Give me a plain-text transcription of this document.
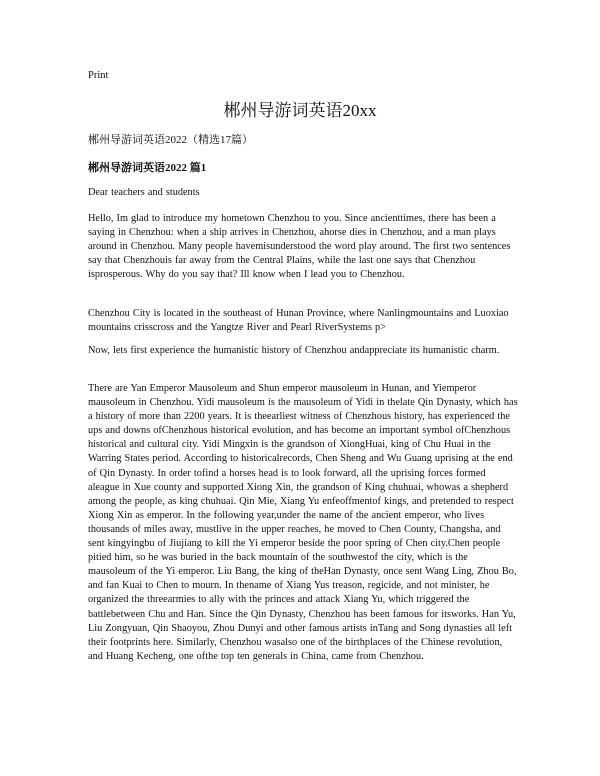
Print
郴州导游词英语20xx
郴州导游词英语2022（精选17篇）
郴州导游词英语2022 篇1

Dear teachers and students

Hello, Im glad to introduce my hometown Chenzhou to you. Since ancienttimes, there has been a saying in Chenzhou: when a ship arrives in Chenzhou, ahorse dies in Chenzhou, and a man plays around in Chenzhou. Many people havemisunderstood the word play around. The first two sentences say that Chenzhouis far away from the Central Plains, while the last one says that Chenzhou isprosperous. Why do you say that? Ill know when I lead you to Chenzhou.

Chenzhou City is located in the southeast of Hunan Province, where Nanlingmountains and Luoxiao mountains crisscross and the Yangtze River and Pearl RiverSystems p>

Now, lets first experience the humanistic history of Chenzhou andappreciate its humanistic charm.

There are Yan Emperor Mausoleum and Shun emperor mausoleum in Hunan, and Yiemperor mausoleum in Chenzhou. Yidi mausoleum is the mausoleum of Yidi in thelate Qin Dynasty, which has a history of more than 2200 years. It is theearliest witness of Chenzhous history, has experienced the ups and downs ofChenzhous historical evolution, and has become an important symbol ofChenzhous historical and cultural city. Yidi Mingxin is the grandson of XiongHuai, king of Chu Huai in the Warring States period. According to historicalrecords, Chen Sheng and Wu Guang uprising at the end of Qin Dynasty. In order tofind a horses head is to look forward, all the uprising forces formed aleague in Xue county and supported Xiong Xin, the grandson of King chuhuai, whowas a shepherd among the people, as king chuhuai. Qin Mie, Xiang Yu enfeoffmentof kings, and pretended to respect Xiong Xin as emperor. In the following year,under the name of the ancient emperor, who lives thousands of miles away, mustlive in the upper reaches, he moved to Chen County, Changsha, and sent kingyingbu of Jiujiang to kill the Yi emperor beside the poor spring of Chen city.Chen people pitied him, so he was buried in the back mountain of the southwestof the city, which is the mausoleum of the Yi emperor. Liu Bang, the king of theHan Dynasty, once sent Wang Ling, Zhou Bo, and fan Kuai to Chen to mourn. In thename of Xiang Yus treason, regicide, and not minister, he organized the threearmies to ally with the princes and attack Xiang Yu, which triggered the battlebetween Chu and Han. Since the Qin Dynasty, Chenzhou has been famous for itsworks. Han Yu, Liu Zongyuan, Qin Shaoyou, Zhou Dunyi and other famous artists inTang and Song dynasties all left their footprints here. Similarly, Chenzhou wasalso one of the birthplaces of the Chinese revolution, and Huang Kecheng, one ofthe top ten generals in China, came from Chenzhou.
